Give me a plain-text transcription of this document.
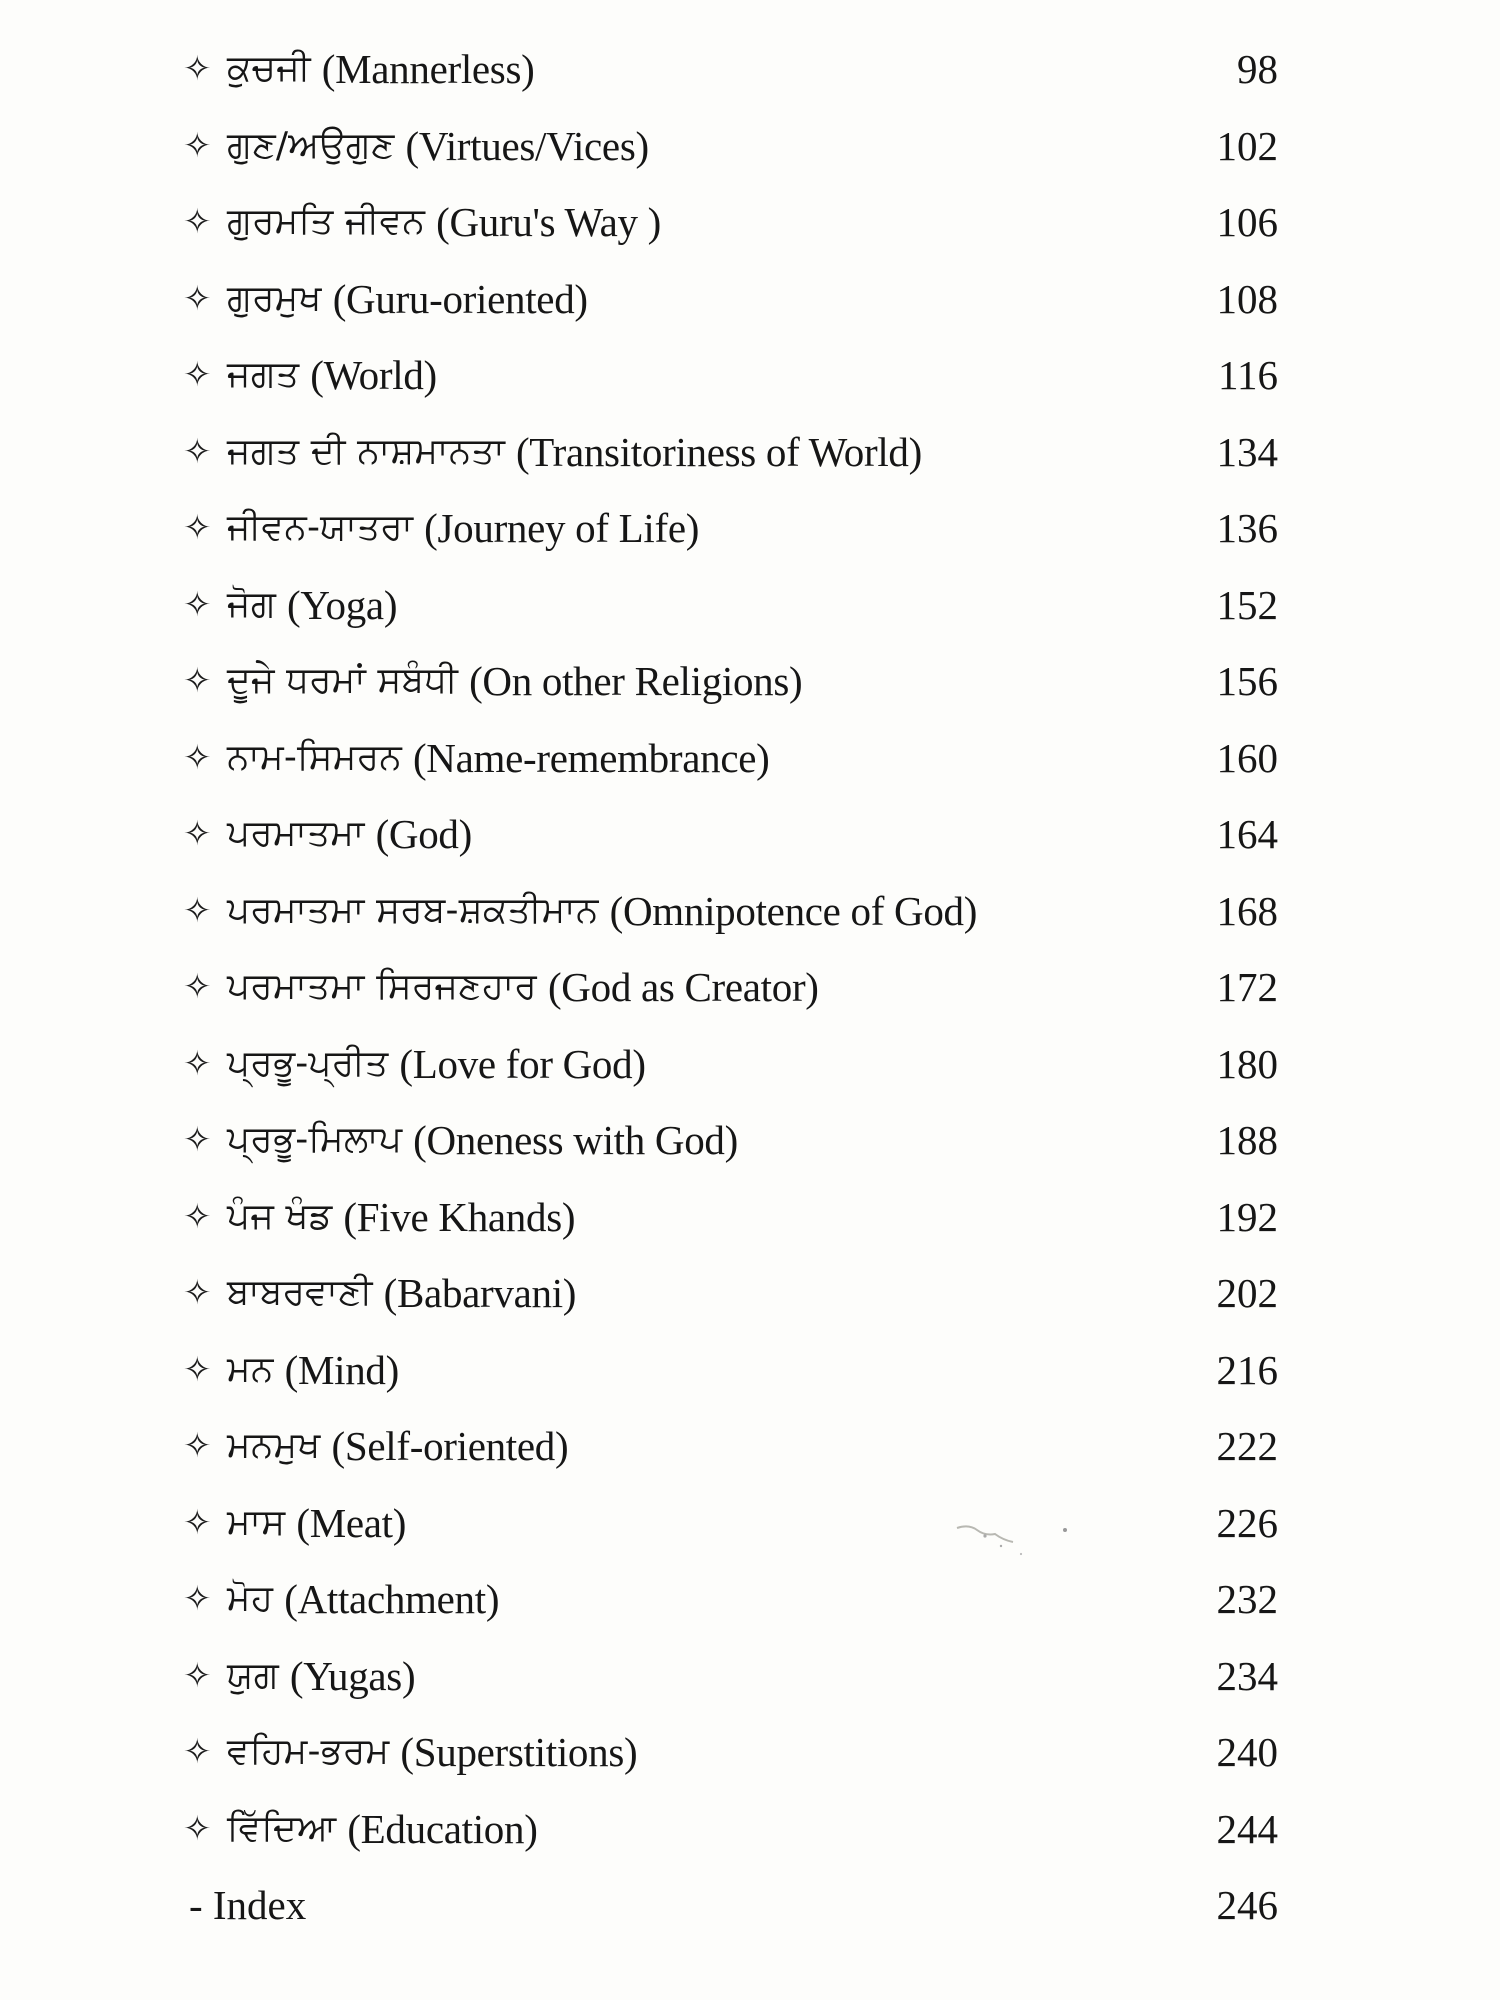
✧ ਕੁਚਜੀ (Mannerless)	98
✧ ਗੁਣ/ਅਉਗੁਣ (Virtues/Vices)	102
✧ ਗੁਰਮਤਿ ਜੀਵਨ (Guru's Way )	106
✧ ਗੁਰਮੁਖ (Guru-oriented)	108
✧ ਜਗਤ (World)	116
✧ ਜਗਤ ਦੀ ਨਾਸ਼ਮਾਨਤਾ (Transitoriness of World)	134
✧ ਜੀਵਨ-ਯਾਤਰਾ (Journey of Life)	136
✧ ਜੋਗ (Yoga)	152
✧ ਦੂਜੇ ਧਰਮਾਂ ਸਬੰਧੀ (On other Religions)	156
✧ ਨਾਮ-ਸਿਮਰਨ (Name-remembrance)	160
✧ ਪਰਮਾਤਮਾ (God)	164
✧ ਪਰਮਾਤਮਾ ਸਰਬ-ਸ਼ਕਤੀਮਾਨ (Omnipotence of God)	168
✧ ਪਰਮਾਤਮਾ ਸਿਰਜਣਹਾਰ (God as Creator)	172
✧ ਪ੍ਰਭੂ-ਪ੍ਰੀਤ (Love for God)	180
✧ ਪ੍ਰਭੂ-ਮਿਲਾਪ (Oneness with God)	188
✧ ਪੰਜ ਖੰਡ (Five Khands)	192
✧ ਬਾਬਰਵਾਣੀ (Babarvani)	202
✧ ਮਨ (Mind)	216
✧ ਮਨਮੁਖ (Self-oriented)	222
✧ ਮਾਸ (Meat)	226
✧ ਮੋਹ (Attachment)	232
✧ ਯੁਗ (Yugas)	234
✧ ਵਹਿਮ-ਭਰਮ (Superstitions)	240
✧ ਵਿੱਦਿਆ (Education)	244
- Index	246
